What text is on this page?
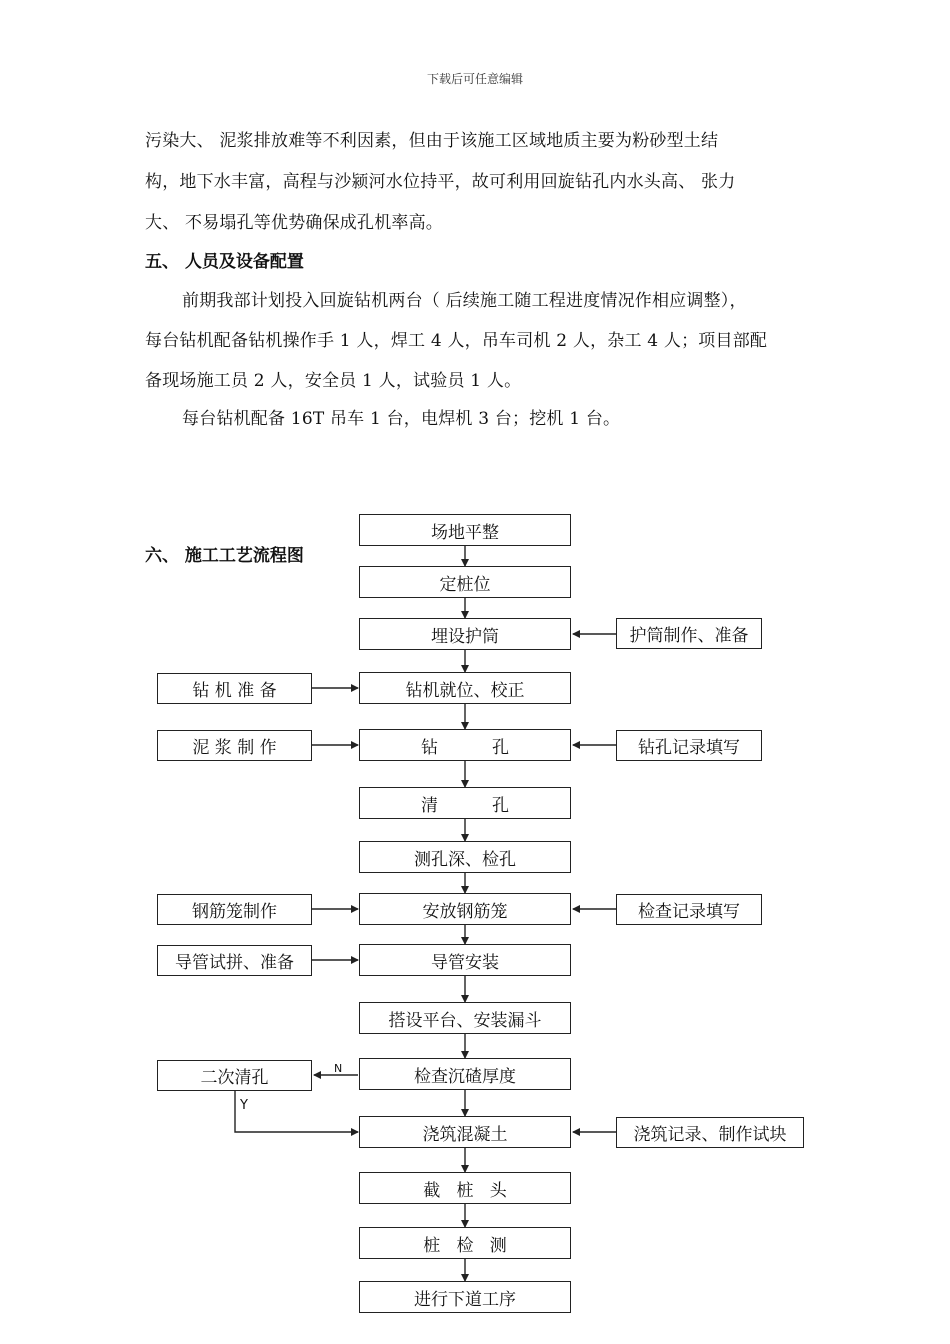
下载后可任意编辑
污染大、 泥浆排放难等不利因素，但由于该施工区域地质主要为粉砂型土结
构，地下水丰富，高程与沙颍河水位持平，故可利用回旋钻孔内水头高、 张力
大、 不易塌孔等优势确保成孔机率高。
五、 人员及设备配置
前期我部计划投入回旋钻机两台（ 后续施工随工程进度情况作相应调整），
每台钻机配备钻机操作手 1 人，焊工 4 人，吊车司机 2 人，杂工 4 人；项目部配
备现场施工员 2 人，安全员 1 人，试验员 1 人。
每台钻机配备 16T 吊车 1 台，电焊机 3 台；挖机 1 台。
六、 施工工艺流程图
N
Y
场地平整
定桩位
埋设护筒
钻机就位、校正
钻          孔
清          孔
测孔深、检孔
安放钢筋笼
导管安装
搭设平台、安装漏斗
检查沉碴厚度
浇筑混凝土
截   桩   头
桩   检   测
进行下道工序
钻 机 准 备
泥 浆 制 作
钢筋笼制作
导管试拼、准备
二次清孔
护筒制作、准备
钻孔记录填写
检查记录填写
浇筑记录、制作试块
